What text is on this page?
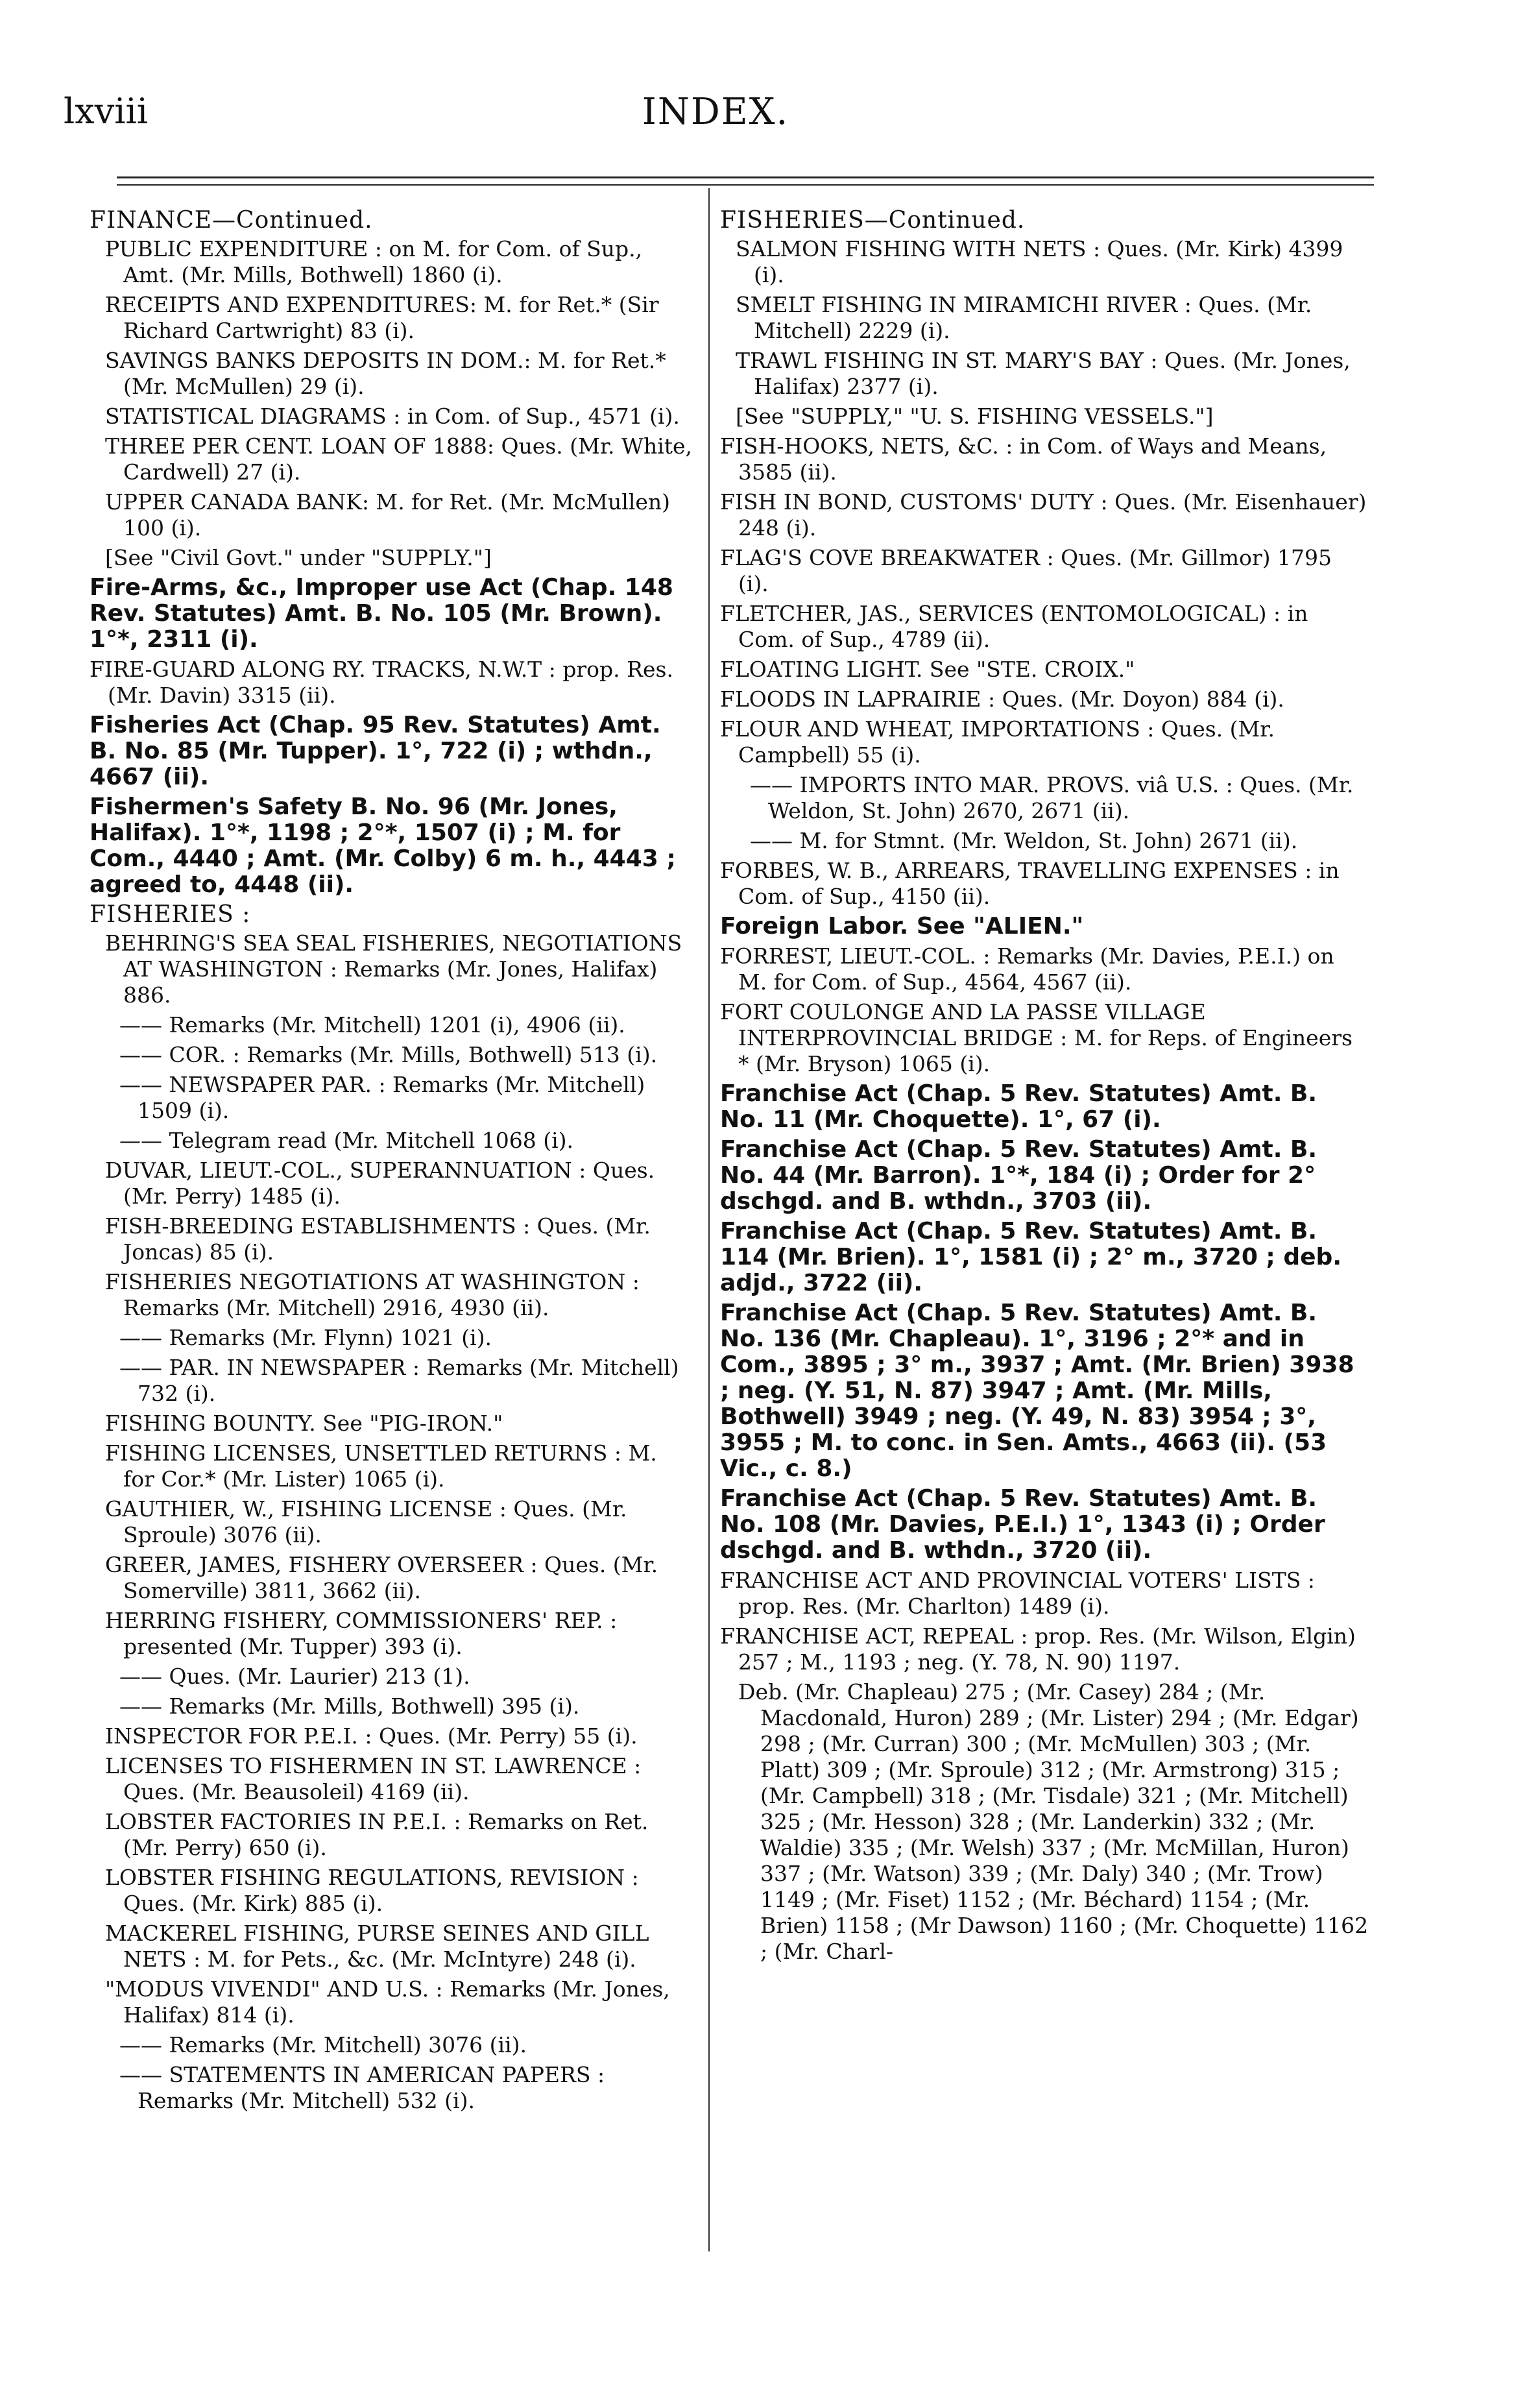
lxviii	INDEX.
FINANCE—Continued.
PUBLIC EXPENDITURE : on M. for Com. of Sup., Amt. (Mr. Mills, Bothwell) 1860 (i).
RECEIPTS AND EXPENDITURES: M. for Ret.* (Sir Richard Cartwright) 83 (i).
SAVINGS BANKS DEPOSITS IN DOM.: M. for Ret.* (Mr. McMullen) 29 (i).
STATISTICAL DIAGRAMS : in Com. of Sup., 4571 (i).
THREE PER CENT. LOAN OF 1888: Ques. (Mr. White, Cardwell) 27 (i).
UPPER CANADA BANK: M. for Ret. (Mr. McMullen) 100 (i).
[See "Civil Govt." under "SUPPLY."]
Fire-Arms, &c., Improper use Act (Chap. 148 Rev. Statutes) Amt. B. No. 105 (Mr. Brown). 1°*, 2311 (i).
FIRE-GUARD ALONG RY. TRACKS, N.W.T : prop. Res. (Mr. Davin) 3315 (ii).
Fisheries Act (Chap. 95 Rev. Statutes) Amt. B. No. 85 (Mr. Tupper). 1°, 722 (i) ; wthdn., 4667 (ii).
Fishermen's Safety B. No. 96 (Mr. Jones, Halifax). 1°*, 1198 ; 2°*, 1507 (i) ; M. for Com., 4440 ; Amt. (Mr. Colby) 6 m. h., 4443 ; agreed to, 4448 (ii).
FISHERIES :
BEHRING'S SEA SEAL FISHERIES, NEGOTIATIONS AT WASHINGTON : Remarks (Mr. Jones, Halifax) 886.
—— Remarks (Mr. Mitchell) 1201 (i), 4906 (ii).
—— COR. : Remarks (Mr. Mills, Bothwell) 513 (i).
—— NEWSPAPER PAR. : Remarks (Mr. Mitchell) 1509 (i).
—— Telegram read (Mr. Mitchell 1068 (i).
DUVAR, LIEUT.-COL., SUPERANNUATION : Ques. (Mr. Perry) 1485 (i).
FISH-BREEDING ESTABLISHMENTS : Ques. (Mr. Joncas) 85 (i).
FISHERIES NEGOTIATIONS AT WASHINGTON : Remarks (Mr. Mitchell) 2916, 4930 (ii).
—— Remarks (Mr. Flynn) 1021 (i).
—— PAR. IN NEWSPAPER : Remarks (Mr. Mitchell) 732 (i).
FISHING BOUNTY. See "PIG-IRON."
FISHING LICENSES, UNSETTLED RETURNS : M. for Cor.* (Mr. Lister) 1065 (i).
GAUTHIER, W., FISHING LICENSE : Ques. (Mr. Sproule) 3076 (ii).
GREER, JAMES, FISHERY OVERSEER : Ques. (Mr. Somerville) 3811, 3662 (ii).
HERRING FISHERY, COMMISSIONERS' REP. : presented (Mr. Tupper) 393 (i).
—— Ques. (Mr. Laurier) 213 (1).
—— Remarks (Mr. Mills, Bothwell) 395 (i).
INSPECTOR FOR P.E.I. : Ques. (Mr. Perry) 55 (i).
LICENSES TO FISHERMEN IN ST. LAWRENCE : Ques. (Mr. Beausoleil) 4169 (ii).
LOBSTER FACTORIES IN P.E.I. : Remarks on Ret. (Mr. Perry) 650 (i).
LOBSTER FISHING REGULATIONS, REVISION : Ques. (Mr. Kirk) 885 (i).
MACKEREL FISHING, PURSE SEINES AND GILL NETS : M. for Pets., &c. (Mr. McIntyre) 248 (i).
"MODUS VIVENDI" AND U.S. : Remarks (Mr. Jones, Halifax) 814 (i).
—— Remarks (Mr. Mitchell) 3076 (ii).
—— STATEMENTS IN AMERICAN PAPERS : Remarks (Mr. Mitchell) 532 (i).
FISHERIES—Continued.
SALMON FISHING WITH NETS : Ques. (Mr. Kirk) 4399 (i).
SMELT FISHING IN MIRAMICHI RIVER : Ques. (Mr. Mitchell) 2229 (i).
TRAWL FISHING IN ST. MARY'S BAY : Ques. (Mr. Jones, Halifax) 2377 (i).
[See "SUPPLY," "U. S. FISHING VESSELS."]
FISH-HOOKS, NETS, &C. : in Com. of Ways and Means, 3585 (ii).
FISH IN BOND, CUSTOMS' DUTY : Ques. (Mr. Eisenhauer) 248 (i).
FLAG'S COVE BREAKWATER : Ques. (Mr. Gillmor) 1795 (i).
FLETCHER, JAS., SERVICES (ENTOMOLOGICAL) : in Com. of Sup., 4789 (ii).
FLOATING LIGHT. See "STE. CROIX."
FLOODS IN LAPRAIRIE : Ques. (Mr. Doyon) 884 (i).
FLOUR AND WHEAT, IMPORTATIONS : Ques. (Mr. Campbell) 55 (i).
—— IMPORTS INTO MAR. PROVS. viâ U.S. : Ques. (Mr. Weldon, St. John) 2670, 2671 (ii).
—— M. for Stmnt. (Mr. Weldon, St. John) 2671 (ii).
FORBES, W. B., ARREARS, TRAVELLING EXPENSES : in Com. of Sup., 4150 (ii).
Foreign Labor. See "ALIEN."
FORREST, LIEUT.-COL. : Remarks (Mr. Davies, P.E.I.) on M. for Com. of Sup., 4564, 4567 (ii).
FORT COULONGE AND LA PASSE VILLAGE INTERPROVINCIAL BRIDGE : M. for Reps. of Engineers * (Mr. Bryson) 1065 (i).
Franchise Act (Chap. 5 Rev. Statutes) Amt. B. No. 11 (Mr. Choquette). 1°, 67 (i).
Franchise Act (Chap. 5 Rev. Statutes) Amt. B. No. 44 (Mr. Barron). 1°*, 184 (i) ; Order for 2° dschgd. and B. wthdn., 3703 (ii).
Franchise Act (Chap. 5 Rev. Statutes) Amt. B. 114 (Mr. Brien). 1°, 1581 (i) ; 2° m., 3720 ; deb. adjd., 3722 (ii).
Franchise Act (Chap. 5 Rev. Statutes) Amt. B. No. 136 (Mr. Chapleau). 1°, 3196 ; 2°* and in Com., 3895 ; 3° m., 3937 ; Amt. (Mr. Brien) 3938 ; neg. (Y. 51, N. 87) 3947 ; Amt. (Mr. Mills, Bothwell) 3949 ; neg. (Y. 49, N. 83) 3954 ; 3°, 3955 ; M. to conc. in Sen. Amts., 4663 (ii). (53 Vic., c. 8.)
Franchise Act (Chap. 5 Rev. Statutes) Amt. B. No. 108 (Mr. Davies, P.E.I.) 1°, 1343 (i) ; Order dschgd. and B. wthdn., 3720 (ii).
FRANCHISE ACT AND PROVINCIAL VOTERS' LISTS : prop. Res. (Mr. Charlton) 1489 (i).
FRANCHISE ACT, REPEAL : prop. Res. (Mr. Wilson, Elgin) 257 ; M., 1193 ; neg. (Y. 78, N. 90) 1197.
Deb. (Mr. Chapleau) 275 ; (Mr. Casey) 284 ; (Mr. Macdonald, Huron) 289 ; (Mr. Lister) 294 ; (Mr. Edgar) 298 ; (Mr. Curran) 300 ; (Mr. McMullen) 303 ; (Mr. Platt) 309 ; (Mr. Sproule) 312 ; (Mr. Armstrong) 315 ; (Mr. Campbell) 318 ; (Mr. Tisdale) 321 ; (Mr. Mitchell) 325 ; (Mr. Hesson) 328 ; (Mr. Landerkin) 332 ; (Mr. Waldie) 335 ; (Mr. Welsh) 337 ; (Mr. McMillan, Huron) 337 ; (Mr. Watson) 339 ; (Mr. Daly) 340 ; (Mr. Trow) 1149 ; (Mr. Fiset) 1152 ; (Mr. Béchard) 1154 ; (Mr. Brien) 1158 ; (Mr Dawson) 1160 ; (Mr. Choquette) 1162 ; (Mr. Charl-
